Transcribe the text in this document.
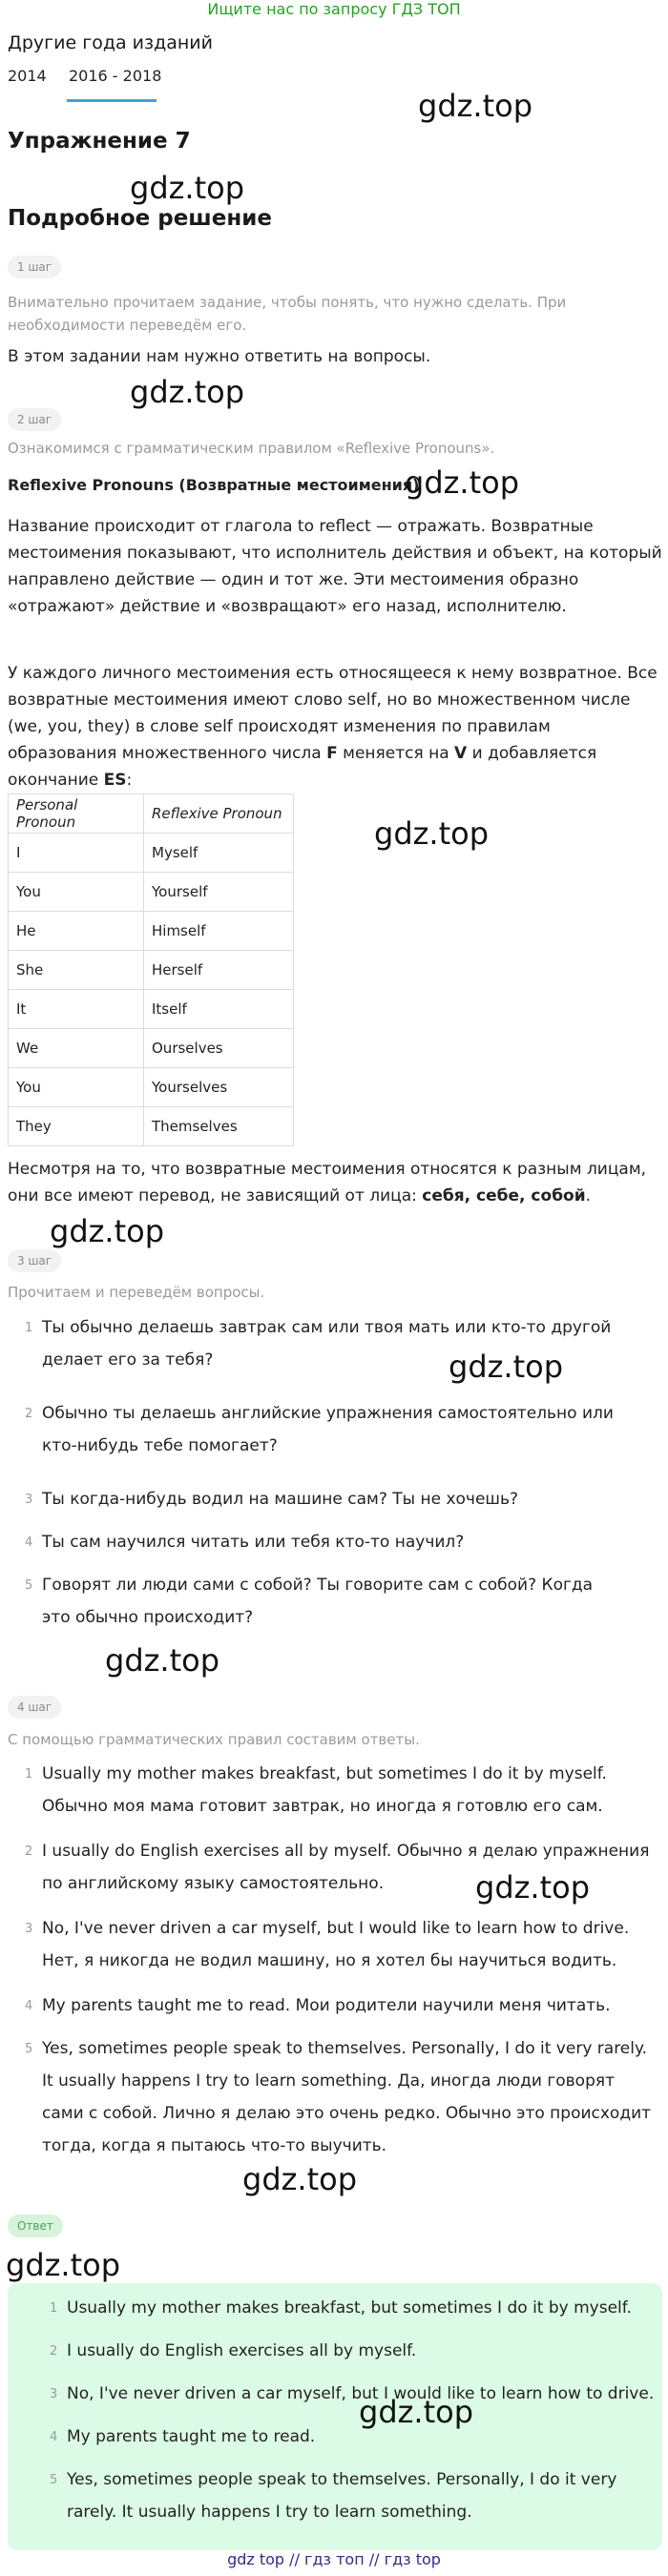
Ищите нас по запросу ГДЗ ТОП
Другие года изданий
2014 2016 - 2018
gdz.top
Упражнение 7
gdz.top
Подробное решение
1 шаг
Внимательно прочитаем задание, чтобы понять, что нужно сделать. При необходимости переведём его.
В этом задании нам нужно ответить на вопросы.
gdz.top
2 шаг
Ознакомимся с грамматическим правилом «Reflexive Pronouns».
Reflexive Pronouns (Возвратные местоимения)
gdz.top
Название происходит от глагола to reflect — отражать. Возвратные местоимения показывают, что исполнитель действия и объект, на который направлено действие — один и тот же. Эти местоимения образно «отражают» действие и «возвращают» его назад, исполнителю.
У каждого личного местоимения есть относящееся к нему возвратное. Все возвратные местоимения имеют слово self, но во множественном числе (we, you, they) в слове self происходят изменения по правилам образования множественного числа F меняется на V и добавляется окончание ES:
Personal Pronoun	Reflexive Pronoun
I	Myself
You	Yourself
He	Himself
She	Herself
It	Itself
We	Ourselves
You	Yourselves
They	Themselves
gdz.top
Несмотря на то, что возвратные местоимения относятся к разным лицам, они все имеют перевод, не зависящий от лица: себя, себе, собой.
gdz.top
3 шаг
Прочитаем и переведём вопросы.
1 Ты обычно делаешь завтрак сам или твоя мать или кто-то другой делает его за тебя?	gdz.top
2 Обычно ты делаешь английские упражнения самостоятельно или кто-нибудь тебе помогает?
3 Ты когда-нибудь водил на машине сам? Ты не хочешь?
4 Ты сам научился читать или тебя кто-то научил?
5 Говорят ли люди сами с собой? Ты говорите сам с собой? Когда это обычно происходит?
gdz.top
4 шаг
С помощью грамматических правил составим ответы.
1 Usually my mother makes breakfast, but sometimes I do it by myself. Обычно моя мама готовит завтрак, но иногда я готовлю его сам.
2 I usually do English exercises all by myself. Обычно я делаю упражнения по английскому языку самостоятельно.	gdz.top
3 No, I've never driven a car myself, but I would like to learn how to drive. Нет, я никогда не водил машину, но я хотел бы научиться водить.
4 My parents taught me to read. Мои родители научили меня читать.
5 Yes, sometimes people speak to themselves. Personally, I do it very rarely. It usually happens I try to learn something. Да, иногда люди говорят сами с собой. Лично я делаю это очень редко. Обычно это происходит тогда, когда я пытаюсь что-то выучить.
gdz.top
Ответ
gdz.top
1 Usually my mother makes breakfast, but sometimes I do it by myself.
2 I usually do English exercises all by myself.
3 No, I've never driven a car myself, but I would like to learn how to drive.
4 My parents taught me to read.
gdz.top
5 Yes, sometimes people speak to themselves. Personally, I do it very rarely. It usually happens I try to learn something.
gdz top // гдз топ // гдз top
